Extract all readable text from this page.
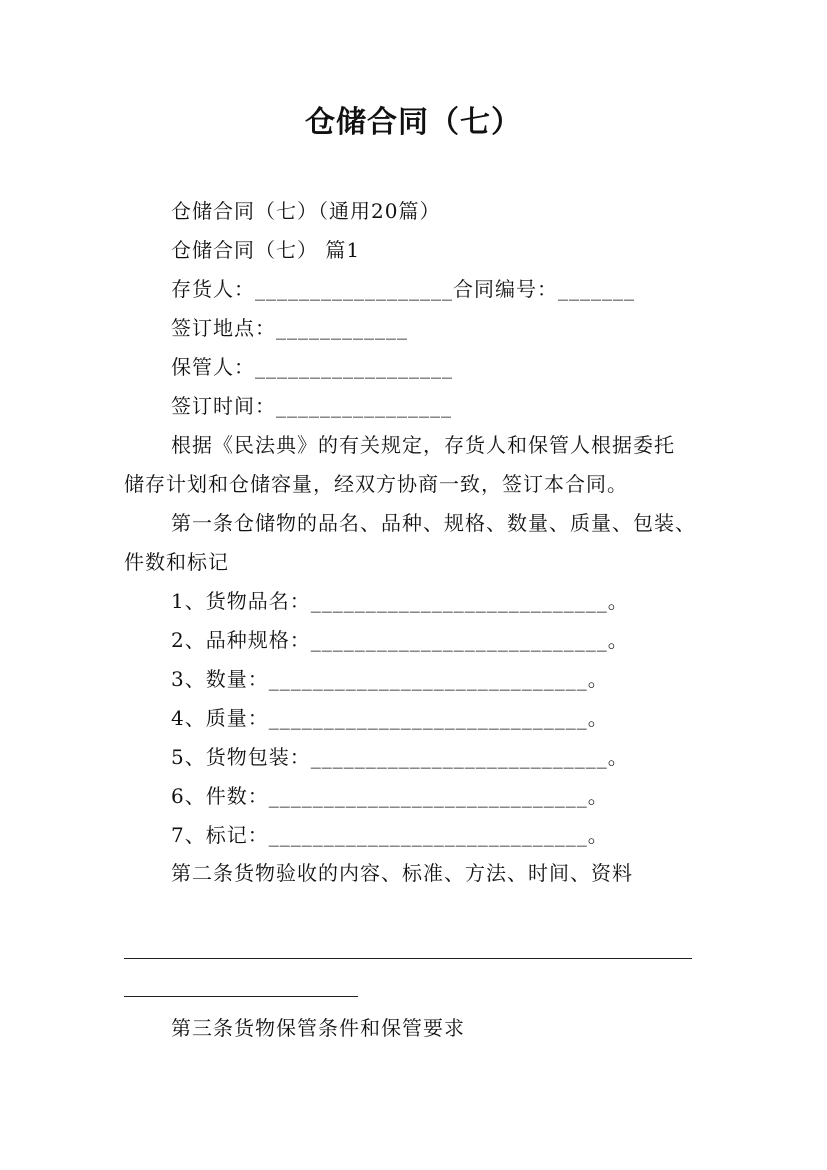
仓储合同（七）
仓储合同（七）（通用20篇）
仓储合同（七） 篇1
存货人：__________________合同编号：_______
签订地点：____________
保管人：__________________
签订时间：________________
根据《民法典》的有关规定，存货人和保管人根据委托
储存计划和仓储容量，经双方协商一致，签订本合同。
第一条仓储物的品名、品种、规格、数量、质量、包装、
件数和标记
1、货物品名：___________________________。
2、品种规格：___________________________。
3、数量：_____________________________。
4、质量：_____________________________。
5、货物包装：___________________________。
6、件数：_____________________________。
7、标记：_____________________________。
第二条货物验收的内容、标准、方法、时间、资料
第三条货物保管条件和保管要求
